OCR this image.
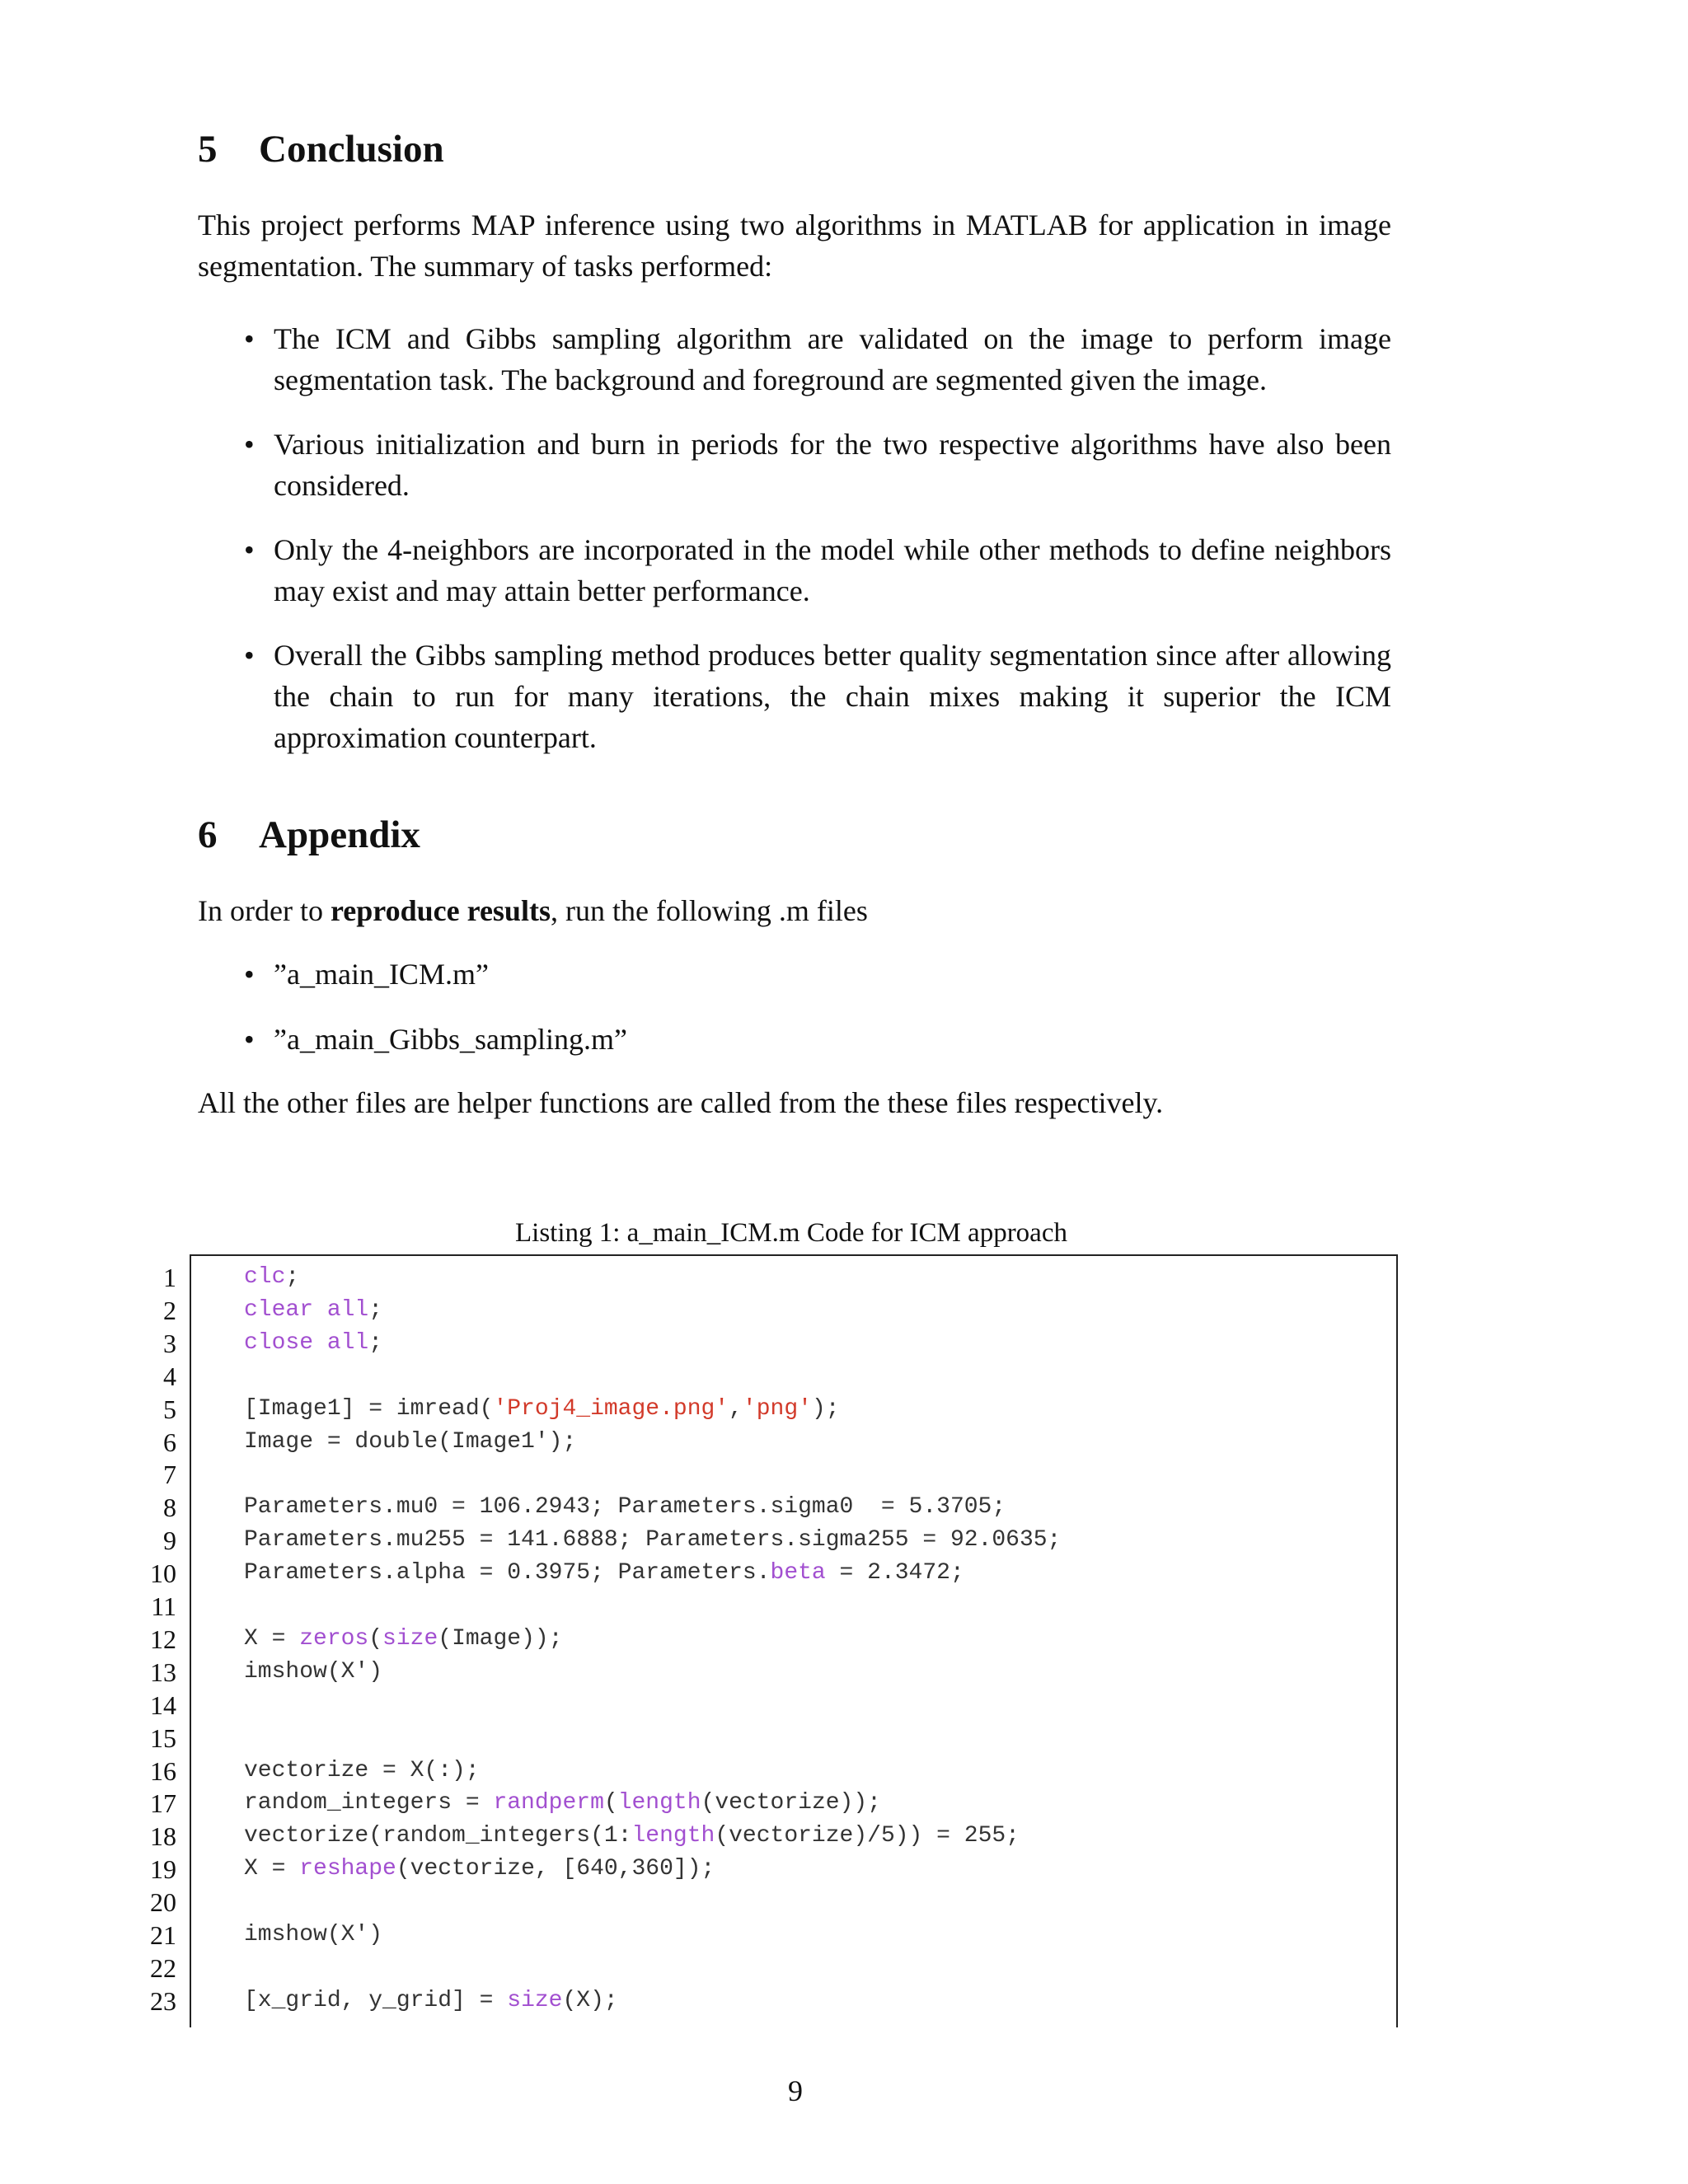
5 Conclusion

This project performs MAP inference using two algorithms in MATLAB for application in image segmentation. The summary of tasks performed:

• The ICM and Gibbs sampling algorithm are validated on the image to perform image segmentation task. The background and foreground are segmented given the image.
• Various initialization and burn in periods for the two respective algorithms have also been considered.
• Only the 4-neighbors are incorporated in the model while other methods to define neighbors may exist and may attain better performance.
• Overall the Gibbs sampling method produces better quality segmentation since after allowing the chain to run for many iterations, the chain mixes making it superior the ICM approximation counterpart.
6 Appendix

In order to reproduce results, run the following .m files

• ”a_main_ICM.m”
• ”a_main_Gibbs_sampling.m”

All the other files are helper functions are called from the these files respectively.

Listing 1: a_main_ICM.m Code for ICM approach

1	clc;
2	clear all;
3	close all;
4
5	[Image1] = imread('Proj4_image.png','png');
6	Image = double(Image1');
7
8	Parameters.mu0 = 106.2943; Parameters.sigma0  = 5.3705;
9	Parameters.mu255 = 141.6888; Parameters.sigma255 = 92.0635;
10	Parameters.alpha = 0.3975; Parameters.beta = 2.3472;
11
12	X = zeros(size(Image));
13	imshow(X')
14
15
16	vectorize = X(:);
17	random_integers = randperm(length(vectorize));
18	vectorize(random_integers(1:length(vectorize)/5)) = 255;
19	X = reshape(vectorize, [640,360]);
20
21	imshow(X')
22
23	[x_grid, y_grid] = size(X);
9
